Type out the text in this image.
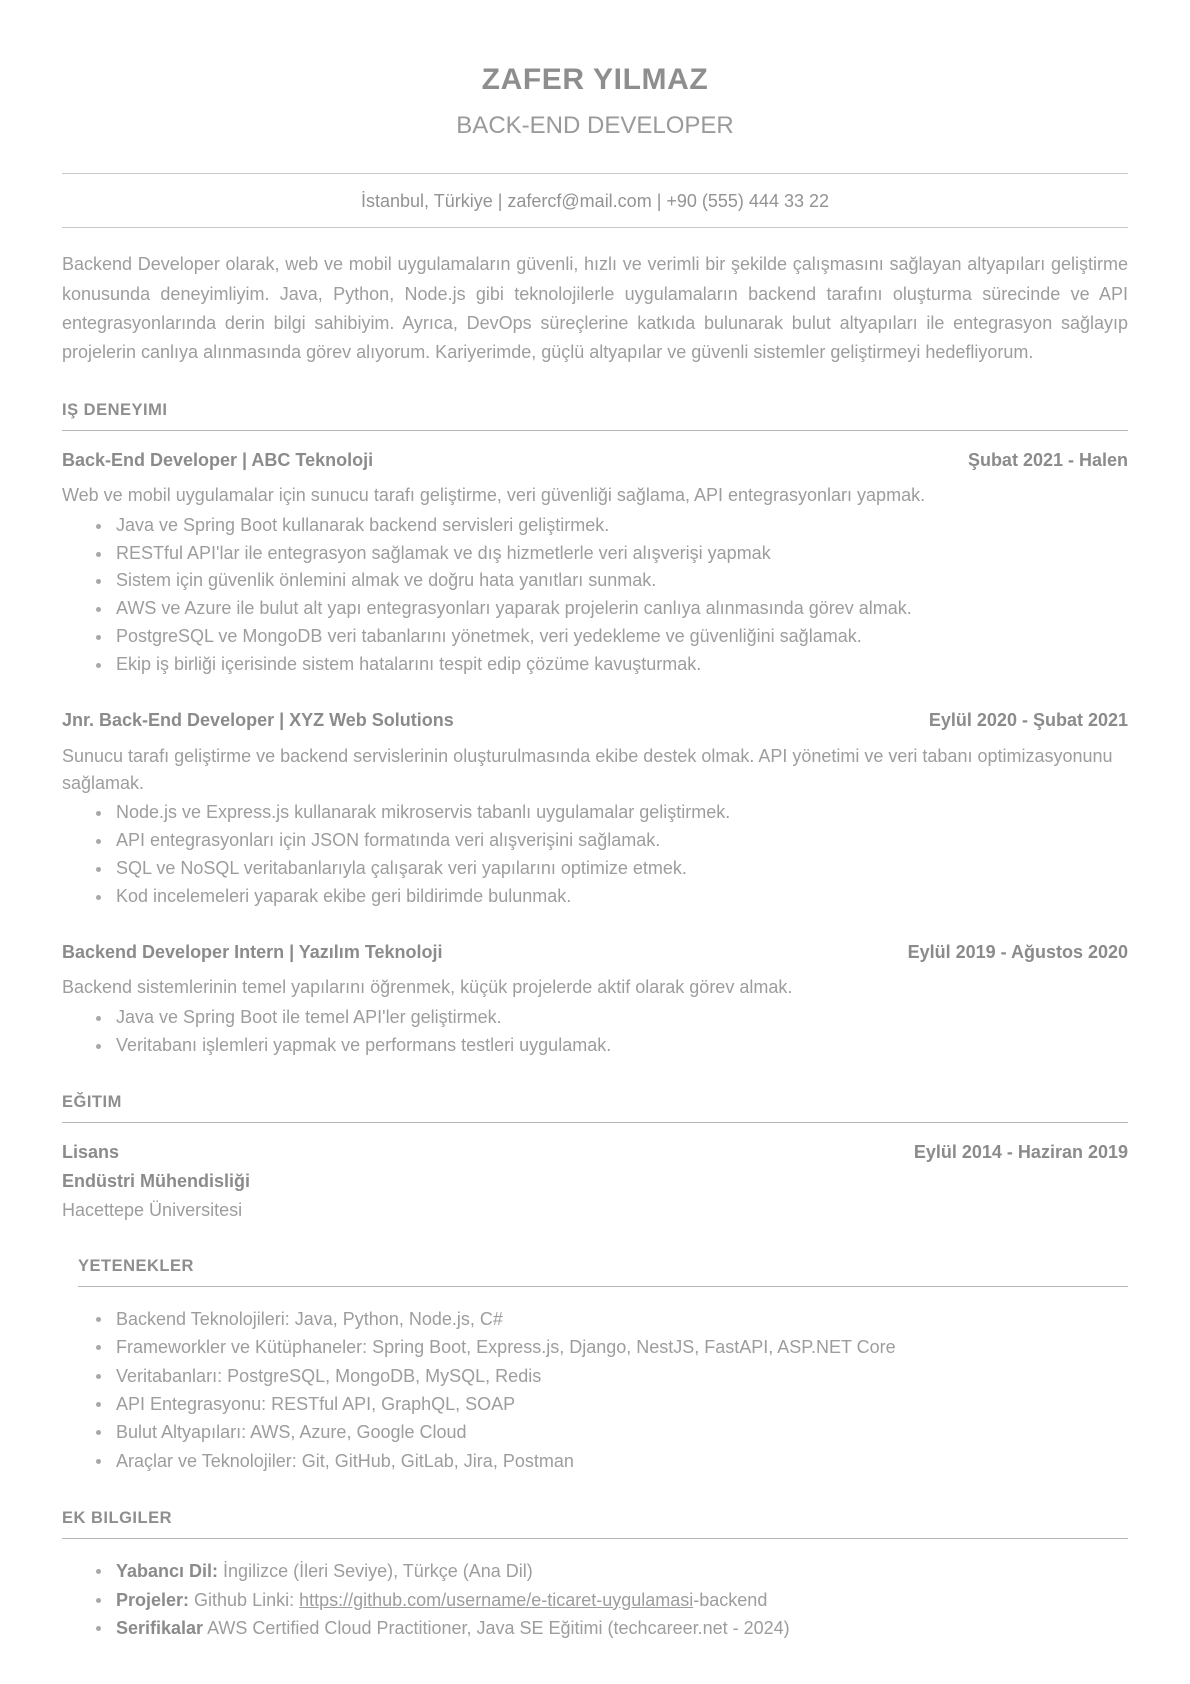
ZAFER YILMAZ
BACK-END DEVELOPER
İstanbul, Türkiye | zafercf@mail.com | +90 (555) 444 33 22

Backend Developer olarak, web ve mobil uygulamaların güvenli, hızlı ve verimli bir şekilde çalışmasını sağlayan altyapıları geliştirme konusunda deneyimliyim. Java, Python, Node.js gibi teknolojilerle uygulamaların backend tarafını oluşturma sürecinde ve API entegrasyonlarında derin bilgi sahibiyim. Ayrıca, DevOps süreçlerine katkıda bulunarak bulut altyapıları ile entegrasyon sağlayıp projelerin canlıya alınmasında görev alıyorum. Kariyerimde, güçlü altyapılar ve güvenli sistemler geliştirmeyi hedefliyorum.

IŞ DENEYIMI
Back-End Developer | ABC Teknoloji	Şubat 2021 - Halen
Web ve mobil uygulamalar için sunucu tarafı geliştirme, veri güvenliği sağlama, API entegrasyonları yapmak.
Java ve Spring Boot kullanarak backend servisleri geliştirmek.
RESTful API'lar ile entegrasyon sağlamak ve dış hizmetlerle veri alışverişi yapmak
Sistem için güvenlik önlemini almak ve doğru hata yanıtları sunmak.
AWS ve Azure ile bulut alt yapı entegrasyonları yaparak projelerin canlıya alınmasında görev almak.
PostgreSQL ve MongoDB veri tabanlarını yönetmek, veri yedekleme ve güvenliğini sağlamak.
Ekip iş birliği içerisinde sistem hatalarını tespit edip çözüme kavuşturmak.
Jnr. Back-End Developer | XYZ Web Solutions	Eylül 2020 - Şubat 2021
Sunucu tarafı geliştirme ve backend servislerinin oluşturulmasında ekibe destek olmak. API yönetimi ve veri tabanı optimizasyonunu sağlamak.
Node.js ve Express.js kullanarak mikroservis tabanlı uygulamalar geliştirmek.
API entegrasyonları için JSON formatında veri alışverişini sağlamak.
SQL ve NoSQL veritabanlarıyla çalışarak veri yapılarını optimize etmek.
Kod incelemeleri yaparak ekibe geri bildirimde bulunmak.
Backend Developer Intern | Yazılım Teknoloji	Eylül 2019 - Ağustos 2020
Backend sistemlerinin temel yapılarını öğrenmek, küçük projelerde aktif olarak görev almak.
Java ve Spring Boot ile temel API'ler geliştirmek.
Veritabanı işlemleri yapmak ve performans testleri uygulamak.
EĞITIM
Lisans	Eylül 2014 - Haziran 2019
Endüstri Mühendisliği
Hacettepe Üniversitesi
YETENEKLER
Backend Teknolojileri: Java, Python, Node.js, C#
Frameworkler ve Kütüphaneler: Spring Boot, Express.js, Django, NestJS, FastAPI, ASP.NET Core
Veritabanları: PostgreSQL, MongoDB, MySQL, Redis
API Entegrasyonu: RESTful API, GraphQL, SOAP
Bulut Altyapıları: AWS, Azure, Google Cloud
Araçlar ve Teknolojiler: Git, GitHub, GitLab, Jira, Postman
EK BILGILER
Yabancı Dil: İngilizce (İleri Seviye), Türkçe (Ana Dil)
Projeler: Github Linki: https://github.com/username/e-ticaret-uygulamasi-backend
Serifikalar AWS Certified Cloud Practitioner, Java SE Eğitimi (techcareer.net - 2024)
